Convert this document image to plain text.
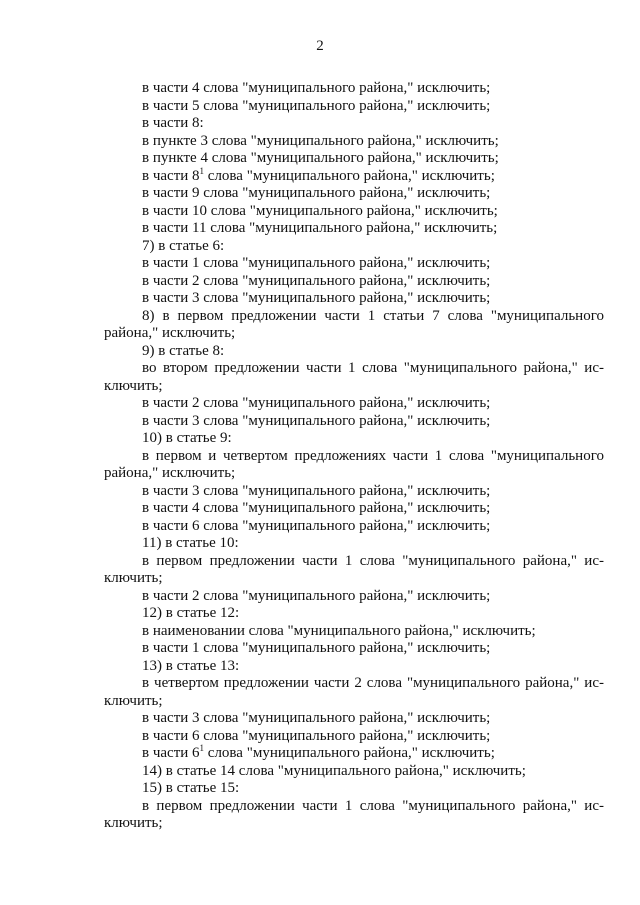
2

в части 4 слова "муниципального района," исключить;

в части 5 слова "муниципального района," исключить;

в части 8:

в пункте 3 слова "муниципального района," исключить;

в пункте 4 слова "муниципального района," исключить;

в части $8^1$ слова "муниципального района," исключить;

в части 9 слова "муниципального района," исключить;

в части 10 слова "муниципального района," исключить;

в части 11 слова "муниципального района," исключить;

7) в статье 6:

в части 1 слова "муниципального района," исключить;

в части 2 слова "муниципального района," исключить;

в части 3 слова "муниципального района," исключить;

8) в первом предложении части 1 статьи 7 слова "муниципального района," исключить;

9) в статье 8:

во втором предложении части 1 слова "муниципального района," ис-ключить;

в части 2 слова "муниципального района," исключить;

в части 3 слова "муниципального района," исключить;

10) в статье 9:

в первом и четвертом предложениях части 1 слова "муниципального района," исключить;

в части 3 слова "муниципального района," исключить;

в части 4 слова "муниципального района," исключить;

в части 6 слова "муниципального района," исключить;

11) в статье 10:

в первом предложении части 1 слова "муниципального района," ис-ключить;

в части 2 слова "муниципального района," исключить;

12) в статье 12:

в наименовании слова "муниципального района," исключить;

в части 1 слова "муниципального района," исключить;

13) в статье 13:

в четвертом предложении части 2 слова "муниципального района," ис-ключить;

в части 3 слова "муниципального района," исключить;

в части 6 слова "муниципального района," исключить;

в части $6^1$ слова "муниципального района," исключить;

14) в статье 14 слова "муниципального района," исключить;

15) в статье 15:

в первом предложении части 1 слова "муниципального района," ис-ключить;
